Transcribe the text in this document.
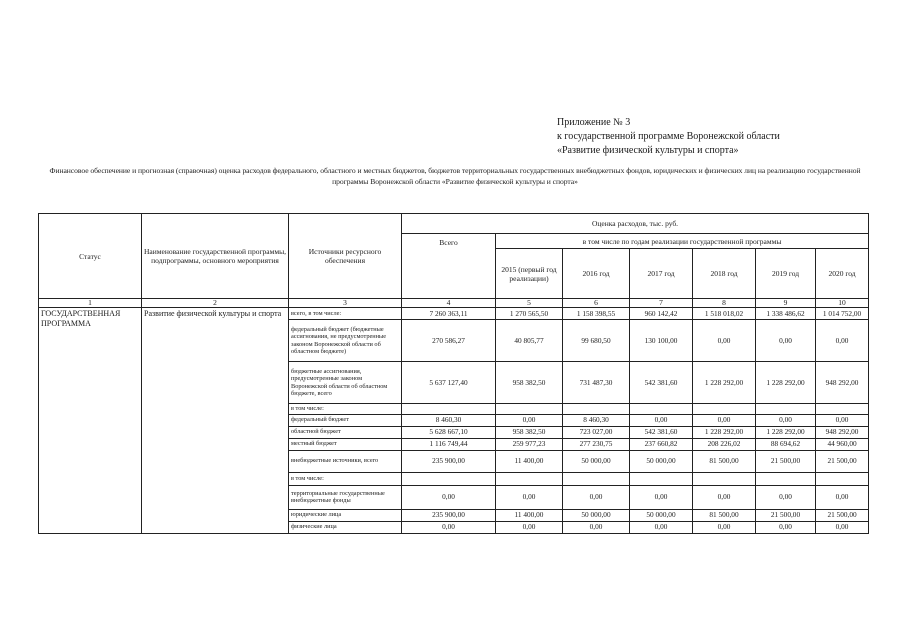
Приложение № 3
к государственной программе Воронежской области
«Развитие физической культуры и спорта»
Финансовое обеспечение и прогнозная (справочная) оценка расходов федерального, областного и местных бюджетов, бюджетов территориальных государственных внебюджетных фондов, юридических и физических лиц на реализацию государственной программы Воронежской области «Развитие физической культуры и спорта»
Статус	Наименование государственной программы, подпрограммы, основного мероприятия	Источники ресурсного обеспечения	Оценка расходов, тыс. руб.						
			Всего	в том числе по годам реализации государственной программы					
				2015 (первый год реализации)	2016 год	2017 год	2018 год	2019 год	2020 год
1	2	3	4	5	6	7	8	9	10
ГОСУДАРСТВЕННАЯ ПРОГРАММА	Развитие физической культуры и спорта	всего, в том числе:	7 260 363,11	1 270 565,50	1 158 398,55	960 142,42	1 518 018,02	1 338 486,62	1 014 752,00
		федеральный бюджет (бюджетные ассигнования, не предусмотренные законом Воронежской области об областном бюджете)	270 586,27	40 805,77	99 680,50	130 100,00	0,00	0,00	0,00
		бюджетные ассигнования, предусмотренные законом Воронежской области об областном бюджете, всего	5 637 127,40	958 382,50	731 487,30	542 381,60	1 228 292,00	1 228 292,00	948 292,00
		в том числе:							
		федеральный бюджет	8 460,30	0,00	8 460,30	0,00	0,00	0,00	0,00
		областной бюджет	5 628 667,10	958 382,50	723 027,00	542 381,60	1 228 292,00	1 228 292,00	948 292,00
		местный бюджет	1 116 749,44	259 977,23	277 230,75	237 660,82	208 226,02	88 694,62	44 960,00
		внебюджетные источники, всего	235 900,00	11 400,00	50 000,00	50 000,00	81 500,00	21 500,00	21 500,00
		в том числе:							
		территориальные государственные внебюджетные фонды	0,00	0,00	0,00	0,00	0,00	0,00	0,00
		юридические лица	235 900,00	11 400,00	50 000,00	50 000,00	81 500,00	21 500,00	21 500,00
		физические лица	0,00	0,00	0,00	0,00	0,00	0,00	0,00
